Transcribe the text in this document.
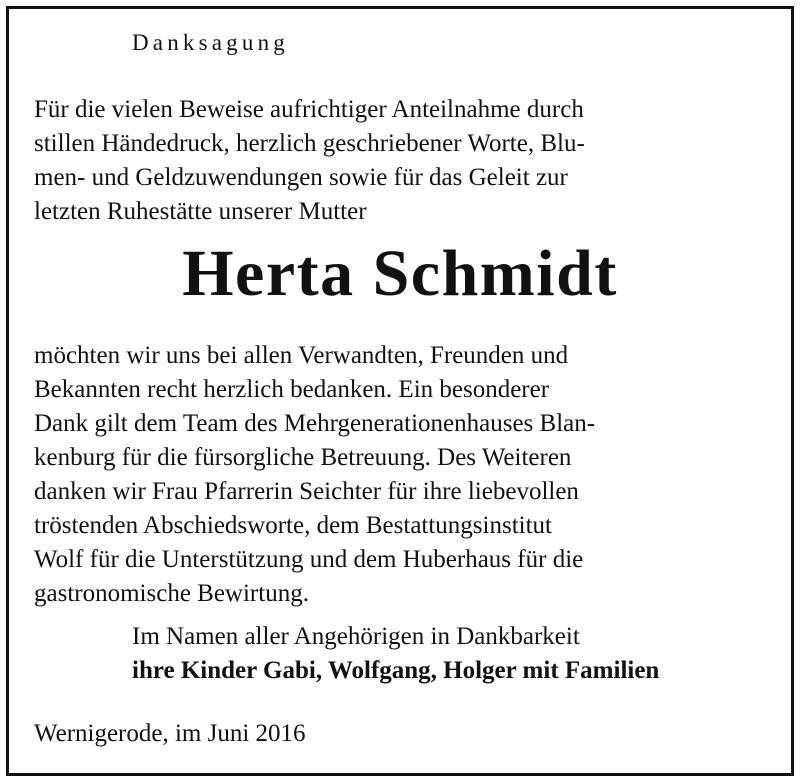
Danksagung
Für die vielen Beweise aufrichtiger Anteilnahme durch
stillen Händedruck, herzlich geschriebener Worte, Blu-
men- und Geldzuwendungen sowie für das Geleit zur
letzten Ruhestätte unserer Mutter
Herta Schmidt
möchten wir uns bei allen Verwandten, Freunden und
Bekannten recht herzlich bedanken. Ein besonderer
Dank gilt dem Team des Mehrgenerationenhauses Blan-
kenburg für die fürsorgliche Betreuung. Des Weiteren
danken wir Frau Pfarrerin Seichter für ihre liebevollen
tröstenden Abschiedsworte, dem Bestattungsinstitut
Wolf für die Unterstützung und dem Huberhaus für die
gastronomische Bewirtung.
Im Namen aller Angehörigen in Dankbarkeit
ihre Kinder Gabi, Wolfgang, Holger mit Familien
Wernigerode, im Juni 2016
